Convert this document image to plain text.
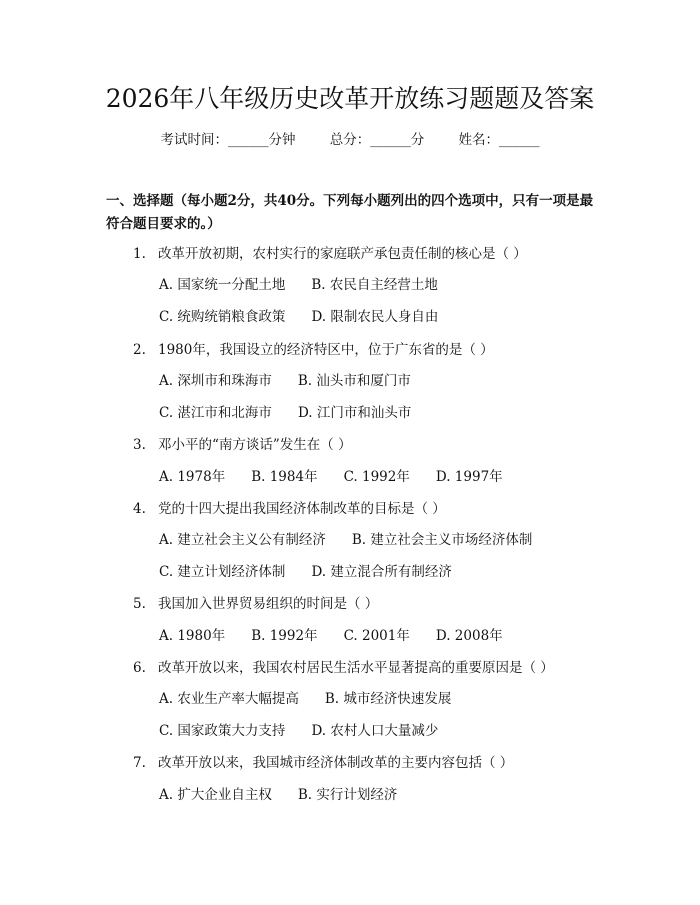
2026年八年级历史改革开放练习题题及答案
考试时间：______分钟	总分：______分	姓名：______
一、选择题（每小题2分，共40分。下列每小题列出的四个选项中，只有一项是最符合题目要求的。）
1. 改革开放初期，农村实行的家庭联产承包责任制的核心是（ ）
A. 国家统一分配土地 B. 农民自主经营土地
C. 统购统销粮食政策 D. 限制农民人身自由
2. 1980年，我国设立的经济特区中，位于广东省的是（ ）
A. 深圳市和珠海市 B. 汕头市和厦门市
C. 湛江市和北海市 D. 江门市和汕头市
3. 邓小平的“南方谈话”发生在（ ）
A. 1978年 B. 1984年 C. 1992年 D. 1997年
4. 党的十四大提出我国经济体制改革的目标是（ ）
A. 建立社会主义公有制经济 B. 建立社会主义市场经济体制
C. 建立计划经济体制 D. 建立混合所有制经济
5. 我国加入世界贸易组织的时间是（ ）
A. 1980年 B. 1992年 C. 2001年 D. 2008年
6. 改革开放以来，我国农村居民生活水平显著提高的重要原因是（ ）
A. 农业生产率大幅提高 B. 城市经济快速发展
C. 国家政策大力支持 D. 农村人口大量减少
7. 改革开放以来，我国城市经济体制改革的主要内容包括（ ）
A. 扩大企业自主权 B. 实行计划经济
